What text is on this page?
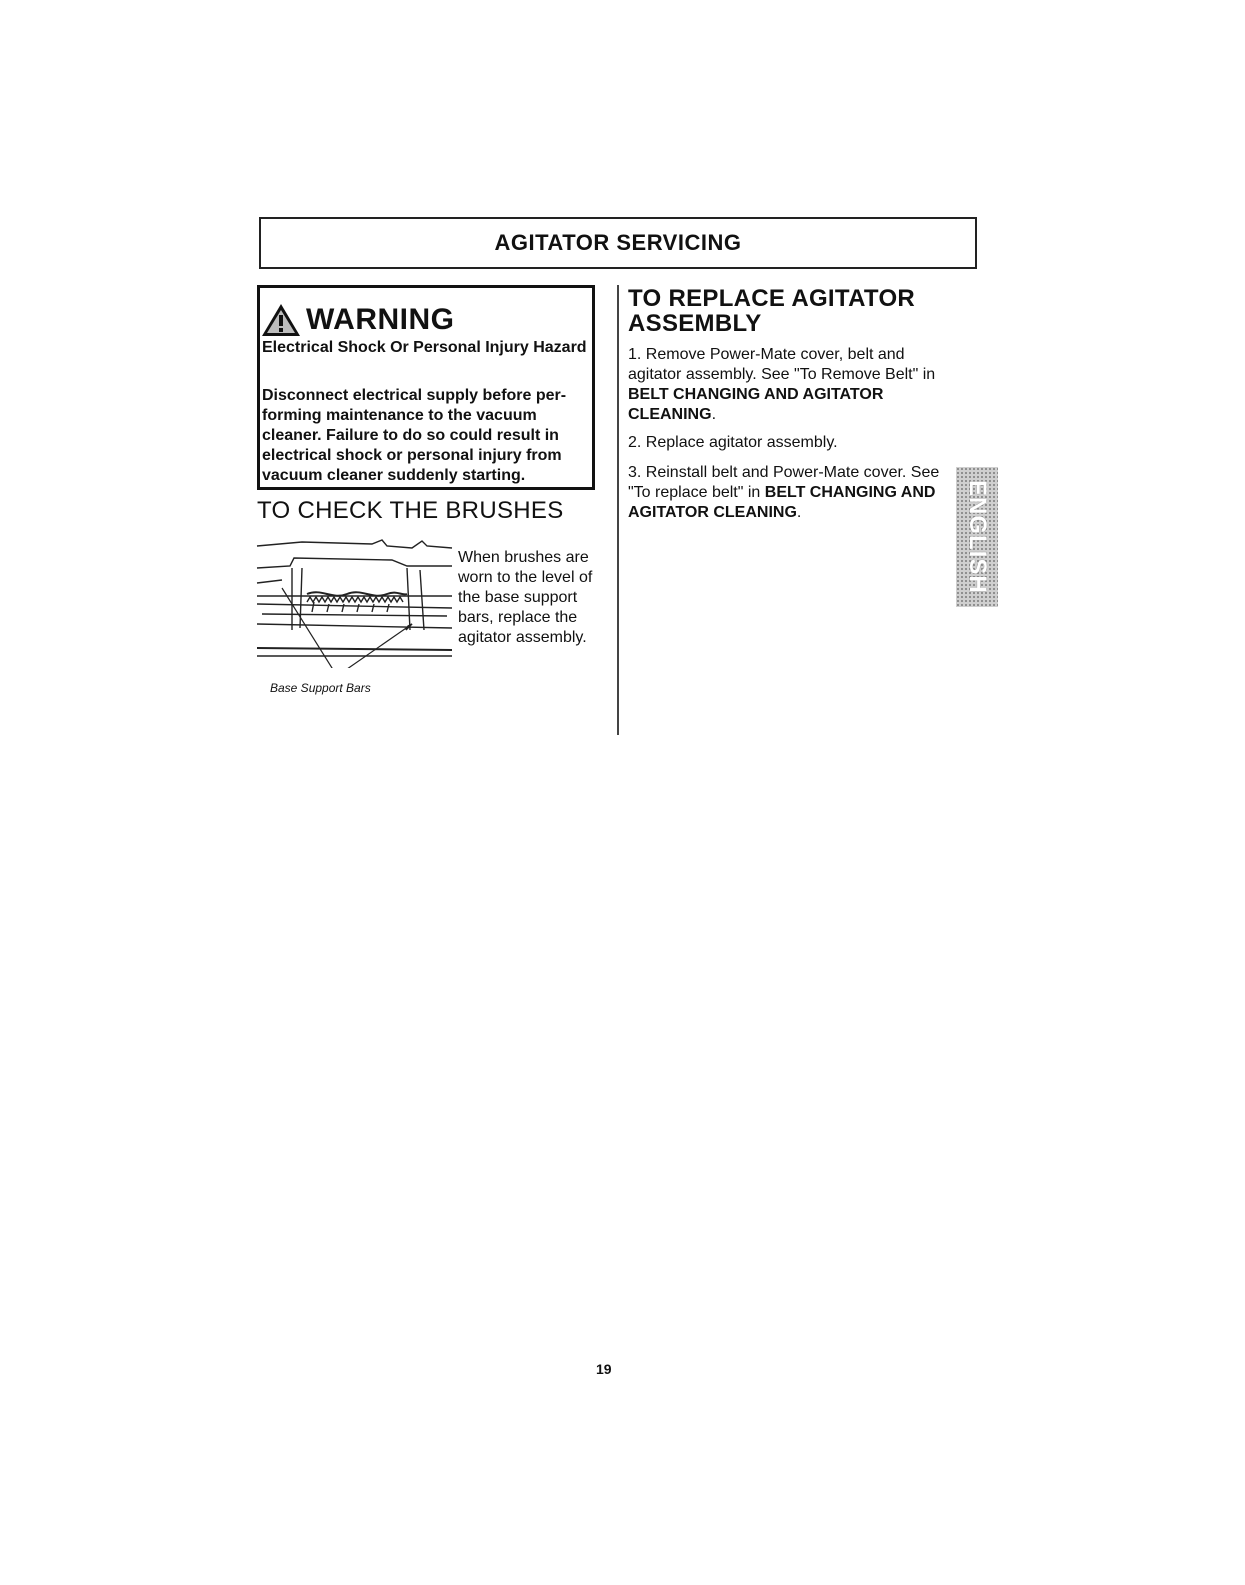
AGITATOR SERVICING
WARNING
Electrical Shock Or Personal Injury Hazard
Disconnect electrical supply before per-forming maintenance to the vacuum cleaner. Failure to do so could result in electrical shock or personal injury from vacuum cleaner suddenly starting.
TO CHECK THE BRUSHES
Base Support Bars
When brushes are worn to the level of the base support bars, replace the agitator assembly.
TO REPLACE AGITATOR ASSEMBLY
1. Remove Power-Mate cover, belt and agitator assembly. See "To Remove Belt" in BELT CHANGING AND AGITATOR CLEANING.
2. Replace agitator assembly.
3. Reinstall belt and Power-Mate cover. See "To replace belt" in BELT CHANGING AND AGITATOR CLEANING.	ENGLISH
19
